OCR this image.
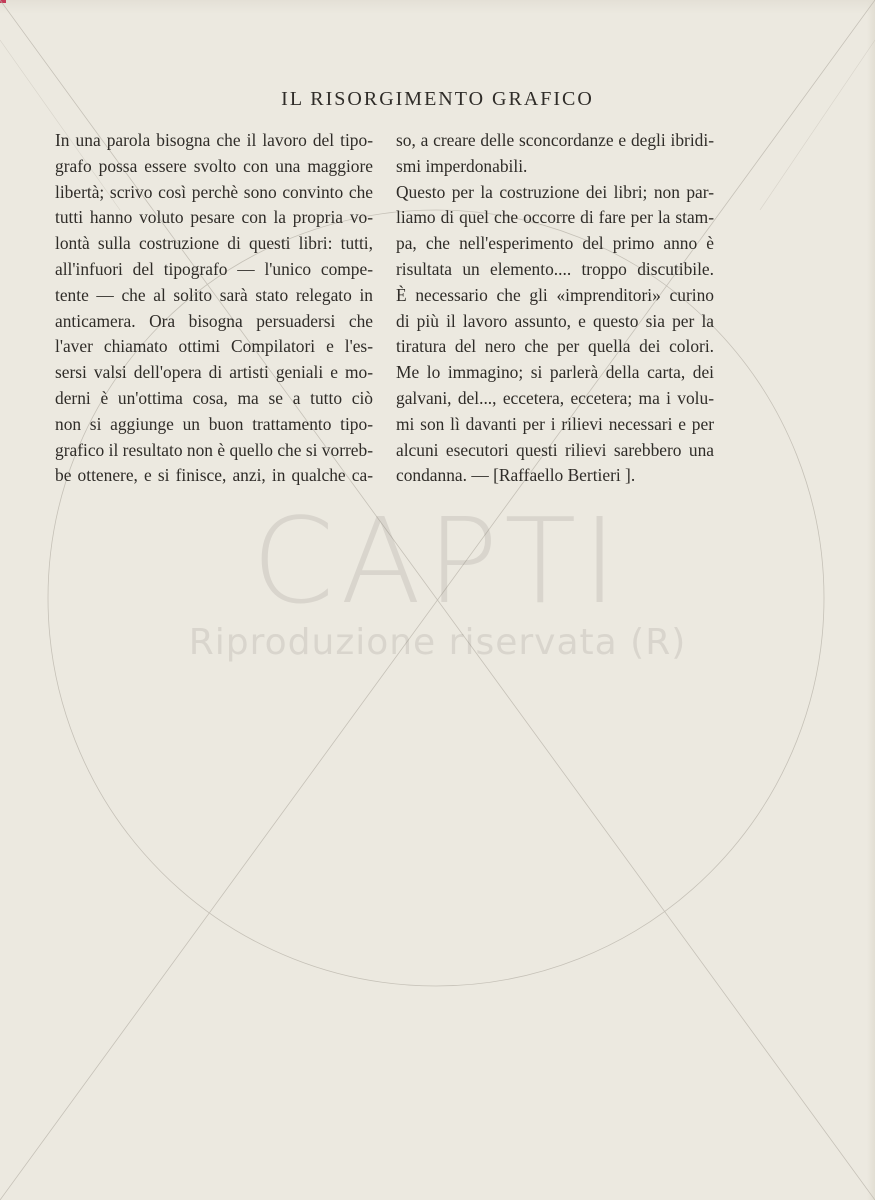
CAPTI
Riproduzione riservata (R)
IL RISORGIMENTO GRAFICO
In una parola bisogna che il lavoro del tipo-
grafo possa essere svolto con una maggiore
libertà; scrivo così perchè sono convinto che
tutti hanno voluto pesare con la propria vo-
lontà sulla costruzione di questi libri: tutti,
all'infuori del tipografo — l'unico compe-
tente — che al solito sarà stato relegato in
anticamera. Ora bisogna persuadersi che
l'aver chiamato ottimi Compilatori e l'es-
sersi valsi dell'opera di artisti geniali e mo-
derni è un'ottima cosa, ma se a tutto ciò
non si aggiunge un buon trattamento tipo-
grafico il resultato non è quello che si vorreb-
be ottenere, e si finisce, anzi, in qualche ca-
so, a creare delle sconcordanze e degli ibridi-
smi imperdonabili.
Questo per la costruzione dei libri; non par-
liamo di quel che occorre di fare per la stam-
pa, che nell'esperimento del primo anno è
risultata un elemento.... troppo discutibile.
È necessario che gli «imprenditori» curino
di più il lavoro assunto, e questo sia per la
tiratura del nero che per quella dei colori.
Me lo immagino; si parlerà della carta, dei
galvani, del..., eccetera, eccetera; ma i volu-
mi son lì davanti per i rilievi necessari e per
alcuni esecutori questi rilievi sarebbero una
condanna. — [Raffaello Bertieri ].
